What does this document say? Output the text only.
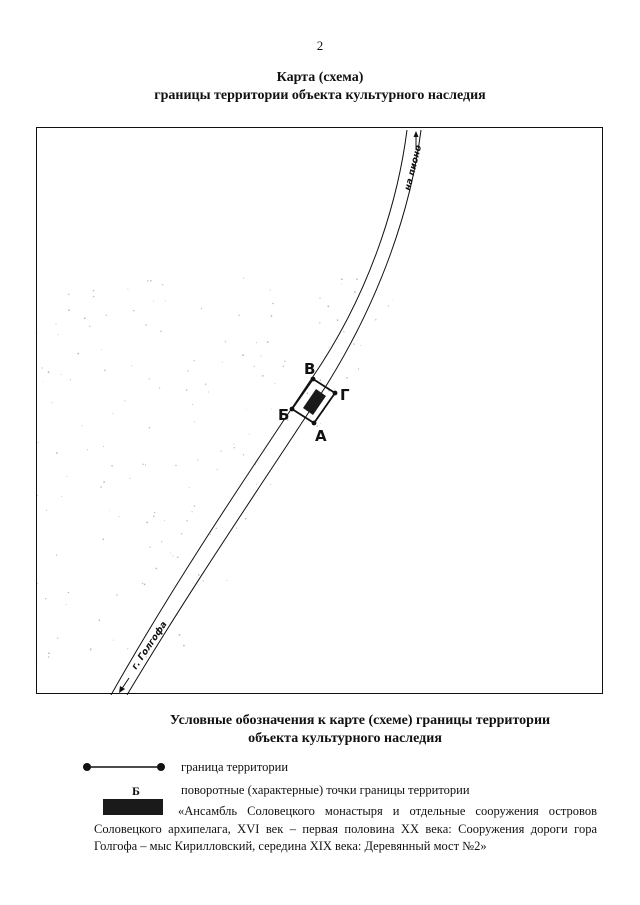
2
Карта (схема)
границы территории объекта культурного наследия
на пионо
г. Голгофа
В
Г
А
Б
Условные обозначения к карте (схеме) границы территории
объекта культурного наследия
граница территории
Б	поворотные (характерные) точки границы территории
«Ансамбль Соловецкого монастыря и отдельные сооружения островов Соловецкого архипелага, XVI век – первая половина XX века: Сооружения дороги гора Голгофа – мыс Кирилловский, середина XIX века: Деревянный мост №2»
